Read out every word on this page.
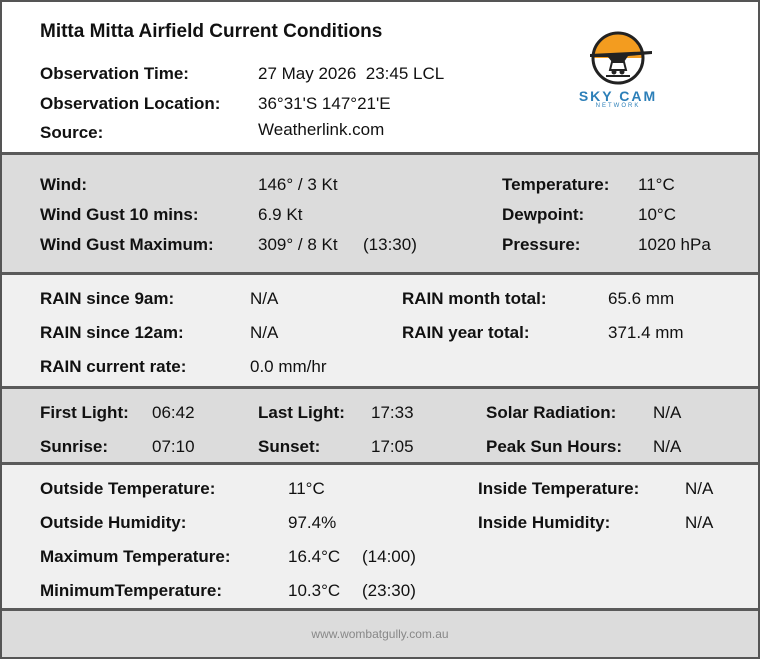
Mitta Mitta Airfield Current Conditions
Observation Time:	27 May 2026  23:45 LCL
Observation Location: 36°31'S 147°21'E
Source:	Weatherlink.com
SKY CAM
NETWORK
Wind:	146° / 3 Kt
Wind Gust 10 mins:	6.9 Kt
Wind Gust Maximum:	309° / 8 Kt (13:30)
Temperature: 11°C
Dewpoint:	10°C
Pressure:	1020 hPa
RAIN since 9am:	N/A
RAIN since 12am:	N/A
RAIN current rate:	0.0 mm/hr
RAIN month total:	65.6 mm
RAIN year total:	371.4 mm
First Light: 06:42
Sunrise:	07:10
Last Light: 17:33
Sunset:	17:05
Solar Radiation: N/A
Peak Sun Hours: N/A
Outside Temperature:	11°C
Outside Humidity:	97.4%
Maximum Temperature:	16.4°C (14:00)
MinimumTemperature:	10.3°C (23:30)
Inside Temperature:	N/A
Inside Humidity:	N/A
www.wombatgully.com.au
